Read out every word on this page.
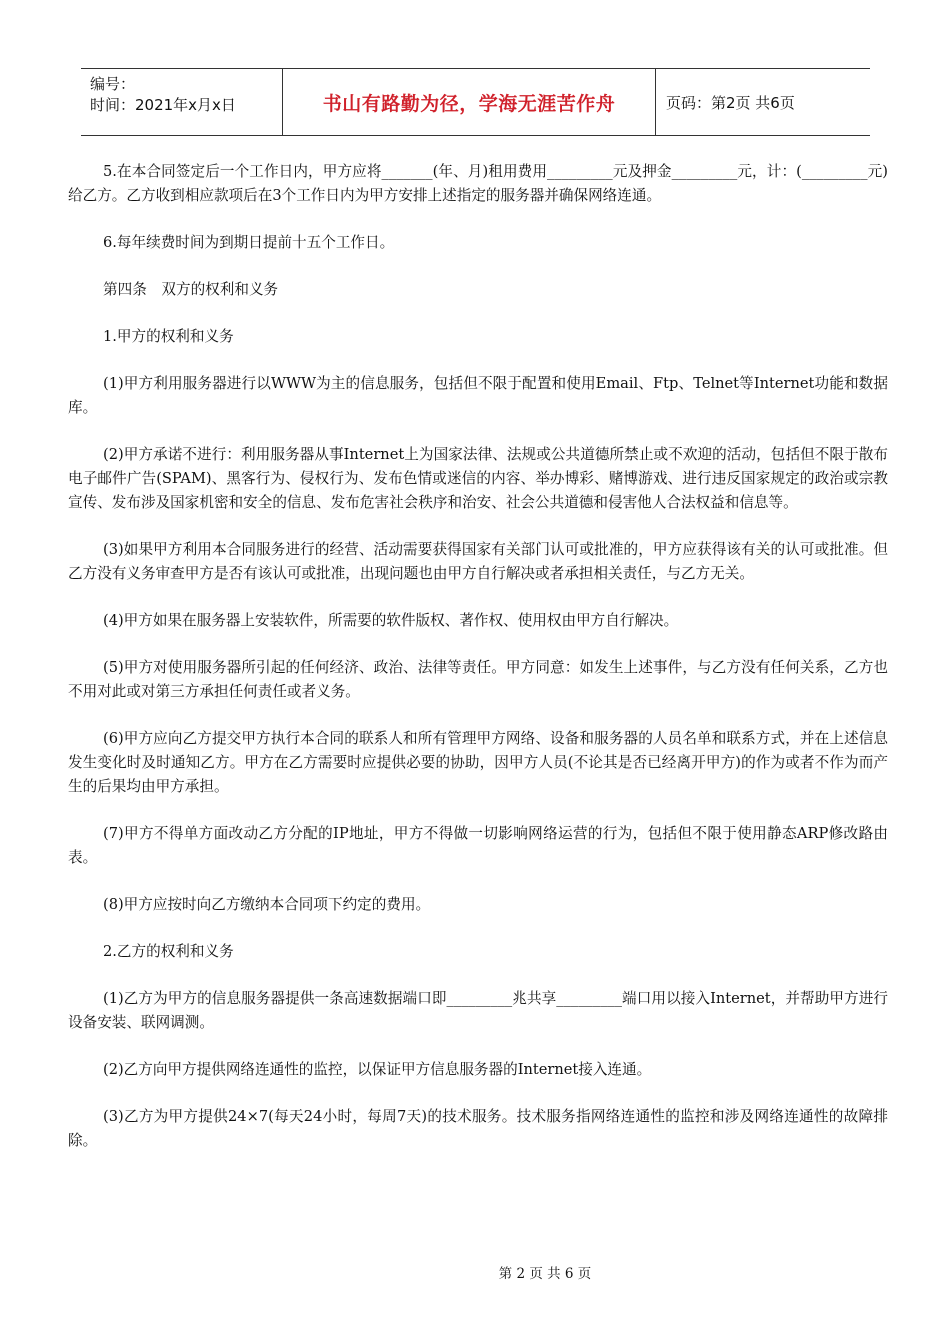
编号：
时间：2021年x月x日	书山有路勤为径，学海无涯苦作舟	页码：第2页 共6页

5.在本合同签定后一个工作日内，甲方应将_______(年、月)租用费用_________元及押金_________元，计：(_________元)给乙方。乙方收到相应款项后在3个工作日内为甲方安排上述指定的服务器并确保网络连通。

6.每年续费时间为到期日提前十五个工作日。

第四条　双方的权利和义务

1.甲方的权利和义务

(1)甲方利用服务器进行以WWW为主的信息服务，包括但不限于配置和使用Email、Ftp、Telnet等Internet功能和数据库。

(2)甲方承诺不进行：利用服务器从事Internet上为国家法律、法规或公共道德所禁止或不欢迎的活动，包括但不限于散布电子邮件广告(SPAM)、黑客行为、侵权行为、发布色情或迷信的内容、举办博彩、赌博游戏、进行违反国家规定的政治或宗教宣传、发布涉及国家机密和安全的信息、发布危害社会秩序和治安、社会公共道德和侵害他人合法权益和信息等。

(3)如果甲方利用本合同服务进行的经营、活动需要获得国家有关部门认可或批准的，甲方应获得该有关的认可或批准。但乙方没有义务审查甲方是否有该认可或批准，出现问题也由甲方自行解决或者承担相关责任，与乙方无关。

(4)甲方如果在服务器上安装软件，所需要的软件版权、著作权、使用权由甲方自行解决。

(5)甲方对使用服务器所引起的任何经济、政治、法律等责任。甲方同意：如发生上述事件，与乙方没有任何关系，乙方也不用对此或对第三方承担任何责任或者义务。

(6)甲方应向乙方提交甲方执行本合同的联系人和所有管理甲方网络、设备和服务器的人员名单和联系方式，并在上述信息发生变化时及时通知乙方。甲方在乙方需要时应提供必要的协助，因甲方人员(不论其是否已经离开甲方)的作为或者不作为而产生的后果均由甲方承担。

(7)甲方不得单方面改动乙方分配的IP地址，甲方不得做一切影响网络运营的行为，包括但不限于使用静态ARP修改路由表。

(8)甲方应按时向乙方缴纳本合同项下约定的费用。

2.乙方的权利和义务

(1)乙方为甲方的信息服务器提供一条高速数据端口即_________兆共享_________端口用以接入Internet，并帮助甲方进行设备安装、联网调测。

(2)乙方向甲方提供网络连通性的监控，以保证甲方信息服务器的Internet接入连通。

(3)乙方为甲方提供24×7(每天24小时，每周7天)的技术服务。技术服务指网络连通性的监控和涉及网络连通性的故障排除。

第 2 页 共 6 页
